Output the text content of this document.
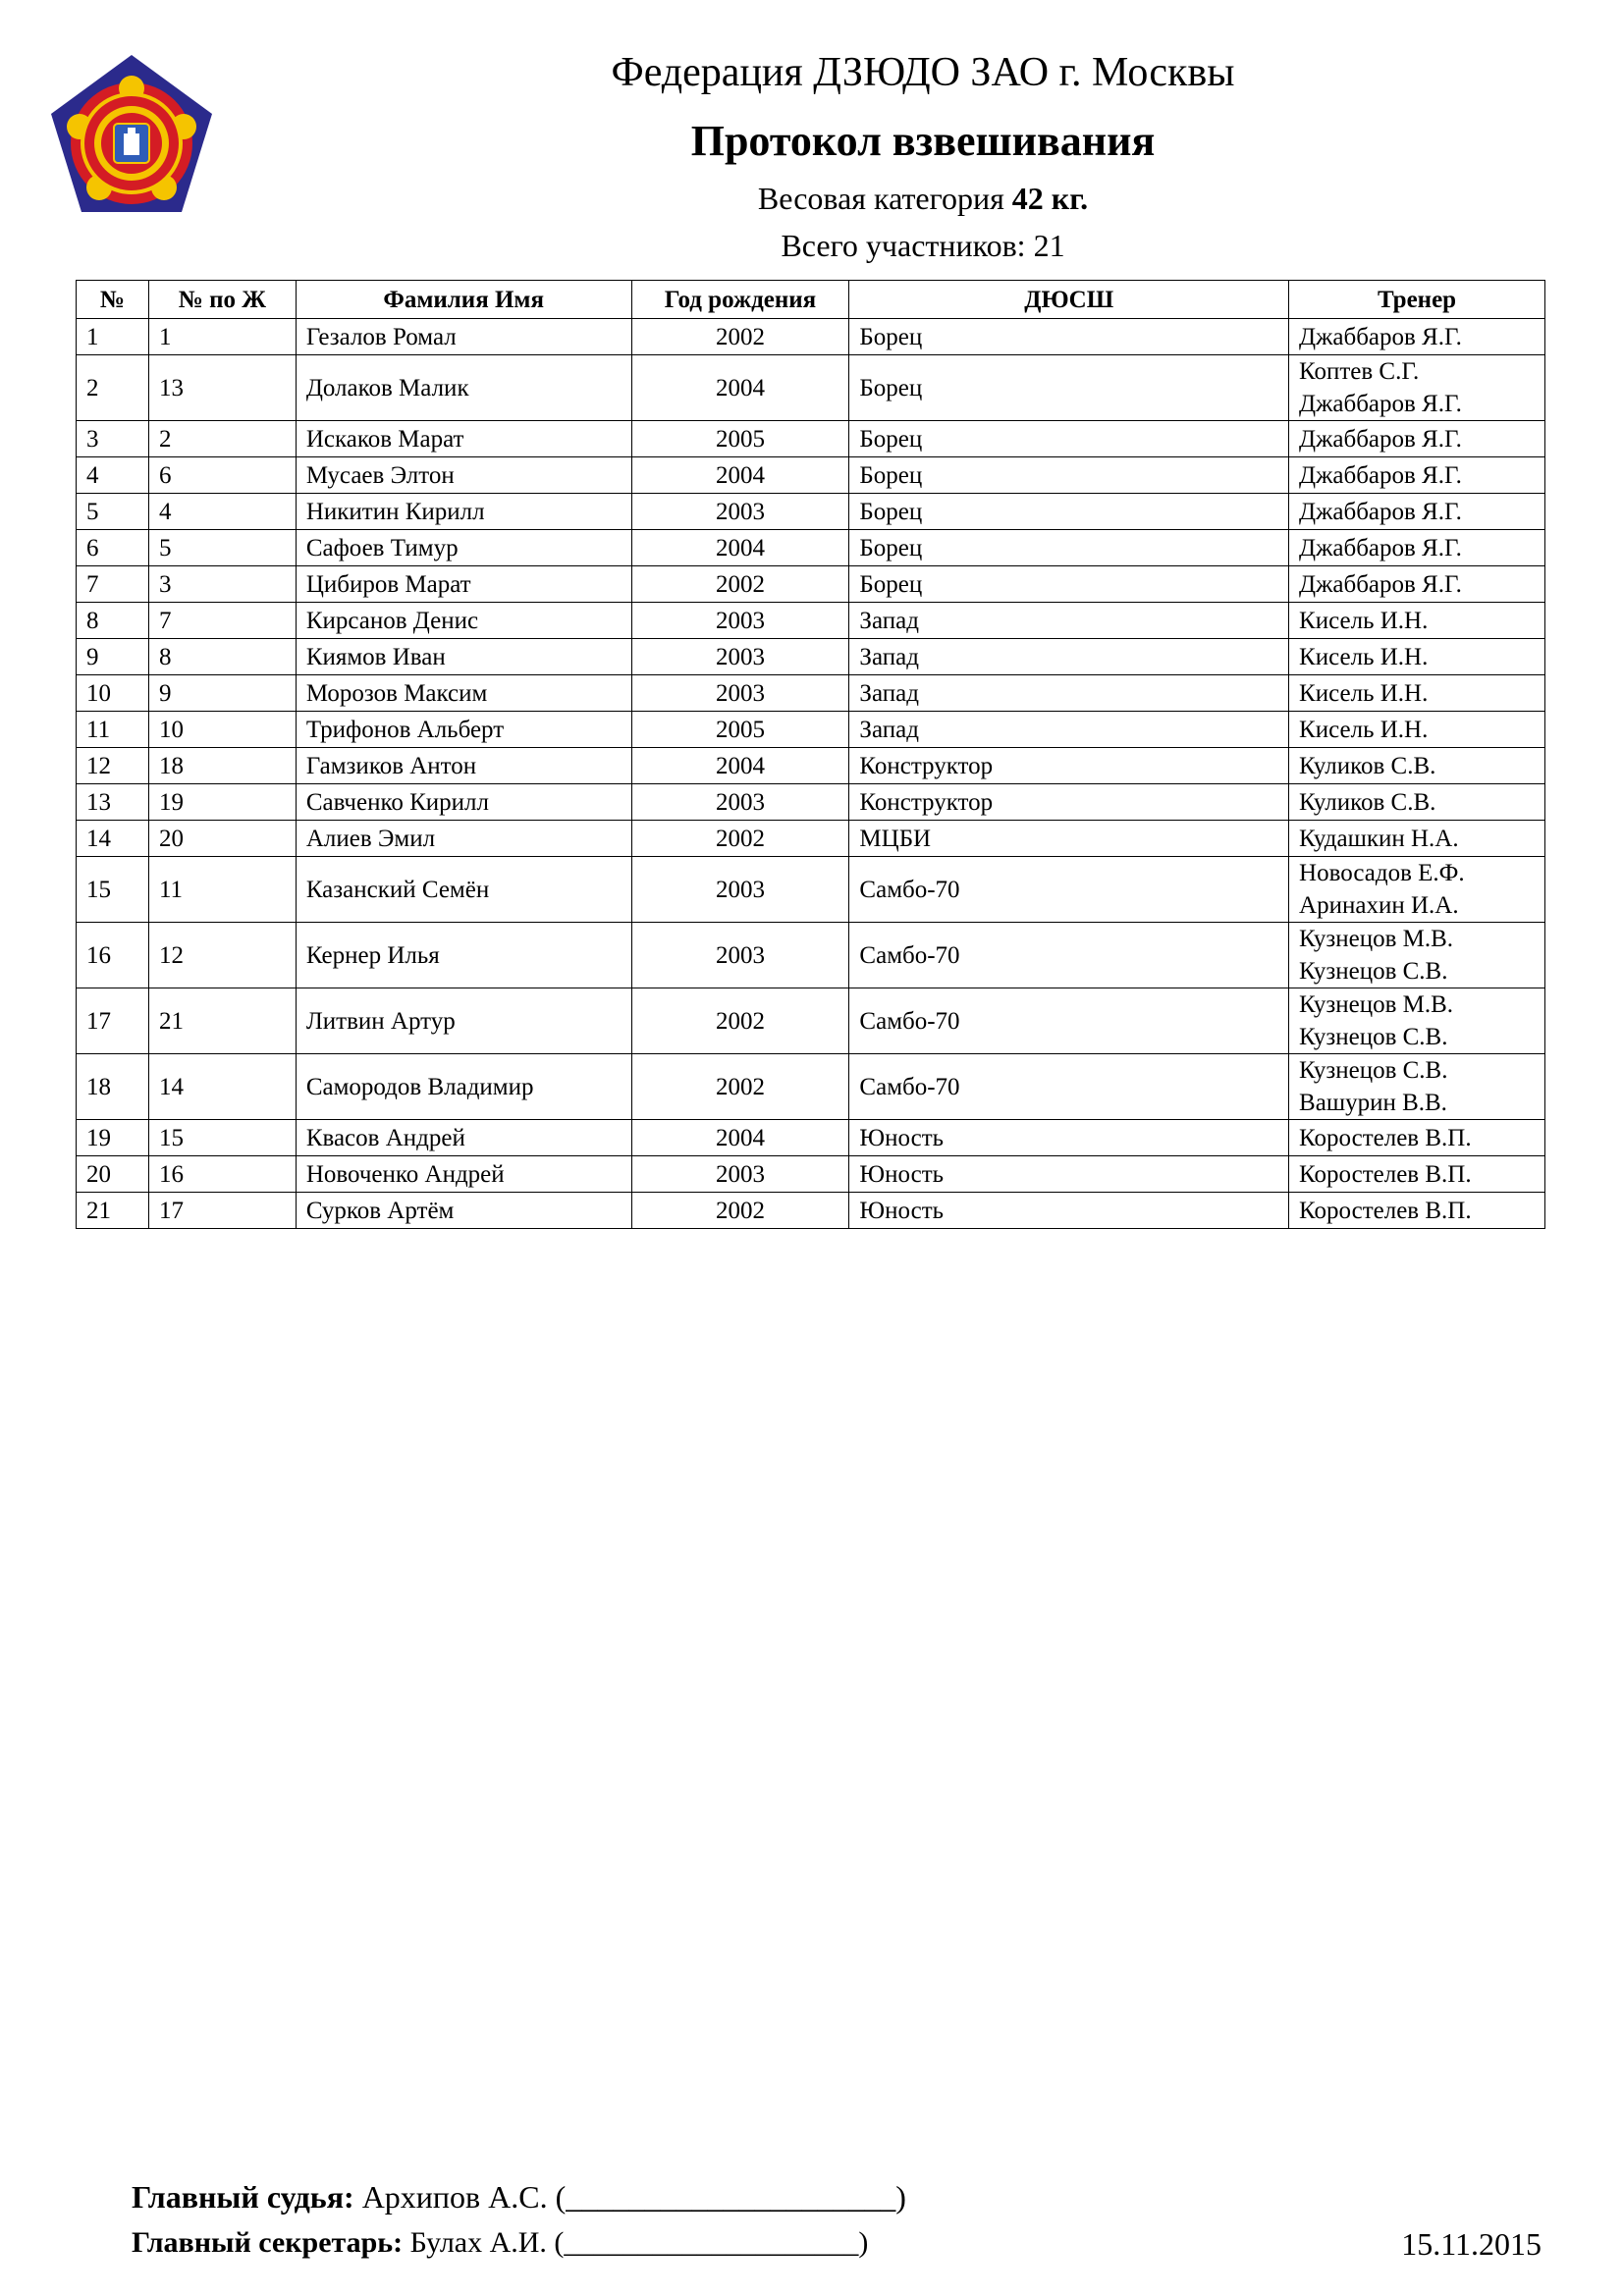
Федерация ДЗЮДО ЗАО г. Москвы
Протокол взвешивания
Весовая категория 42 кг.
Всего участников: 21
№	№ по Ж	Фамилия Имя	Год рождения	ДЮСШ	Тренер
1	1	Гезалов Ромал	2002	Борец	Джаббаров Я.Г.

2	13	Долаков Малик	2004	Борец	Коптев С.Г.
Джаббаров Я.Г.

3	2	Искаков Марат	2005	Борец	Джаббаров Я.Г.

4	6	Мусаев Элтон	2004	Борец	Джаббаров Я.Г.

5	4	Никитин Кирилл	2003	Борец	Джаббаров Я.Г.

6	5	Сафоев Тимур	2004	Борец	Джаббаров Я.Г.

7	3	Цибиров Марат	2002	Борец	Джаббаров Я.Г.

8	7	Кирсанов Денис	2003	Запад	Кисель И.Н.

9	8	Киямов Иван	2003	Запад	Кисель И.Н.

10	9	Морозов Максим	2003	Запад	Кисель И.Н.

11	10	Трифонов Альберт	2005	Запад	Кисель И.Н.

12	18	Гамзиков Антон	2004	Конструктор	Куликов С.В.

13	19	Савченко Кирилл	2003	Конструктор	Куликов С.В.

14	20	Алиев Эмил	2002	МЦБИ	Кудашкин Н.А.

15	11	Казанский Семён	2003	Самбо-70	Новосадов Е.Ф.
Аринахин И.А.

16	12	Кернер Илья	2003	Самбо-70	Кузнецов М.В.
Кузнецов С.В.

17	21	Литвин Артур	2002	Самбо-70	Кузнецов М.В.
Кузнецов С.В.

18	14	Самородов Владимир	2002	Самбо-70	Кузнецов С.В.
Вашурин В.В.

19	15	Квасов Андрей	2004	Юность	Коростелев В.П.

20	16	Новоченко Андрей	2003	Юность	Коростелев В.П.

21	17	Сурков Артём	2002	Юность	Коростелев В.П.
Главный судья: Архипов А.С. (_____________________)
Главный секретарь: Булах А.И. (____________________)	15.11.2015
